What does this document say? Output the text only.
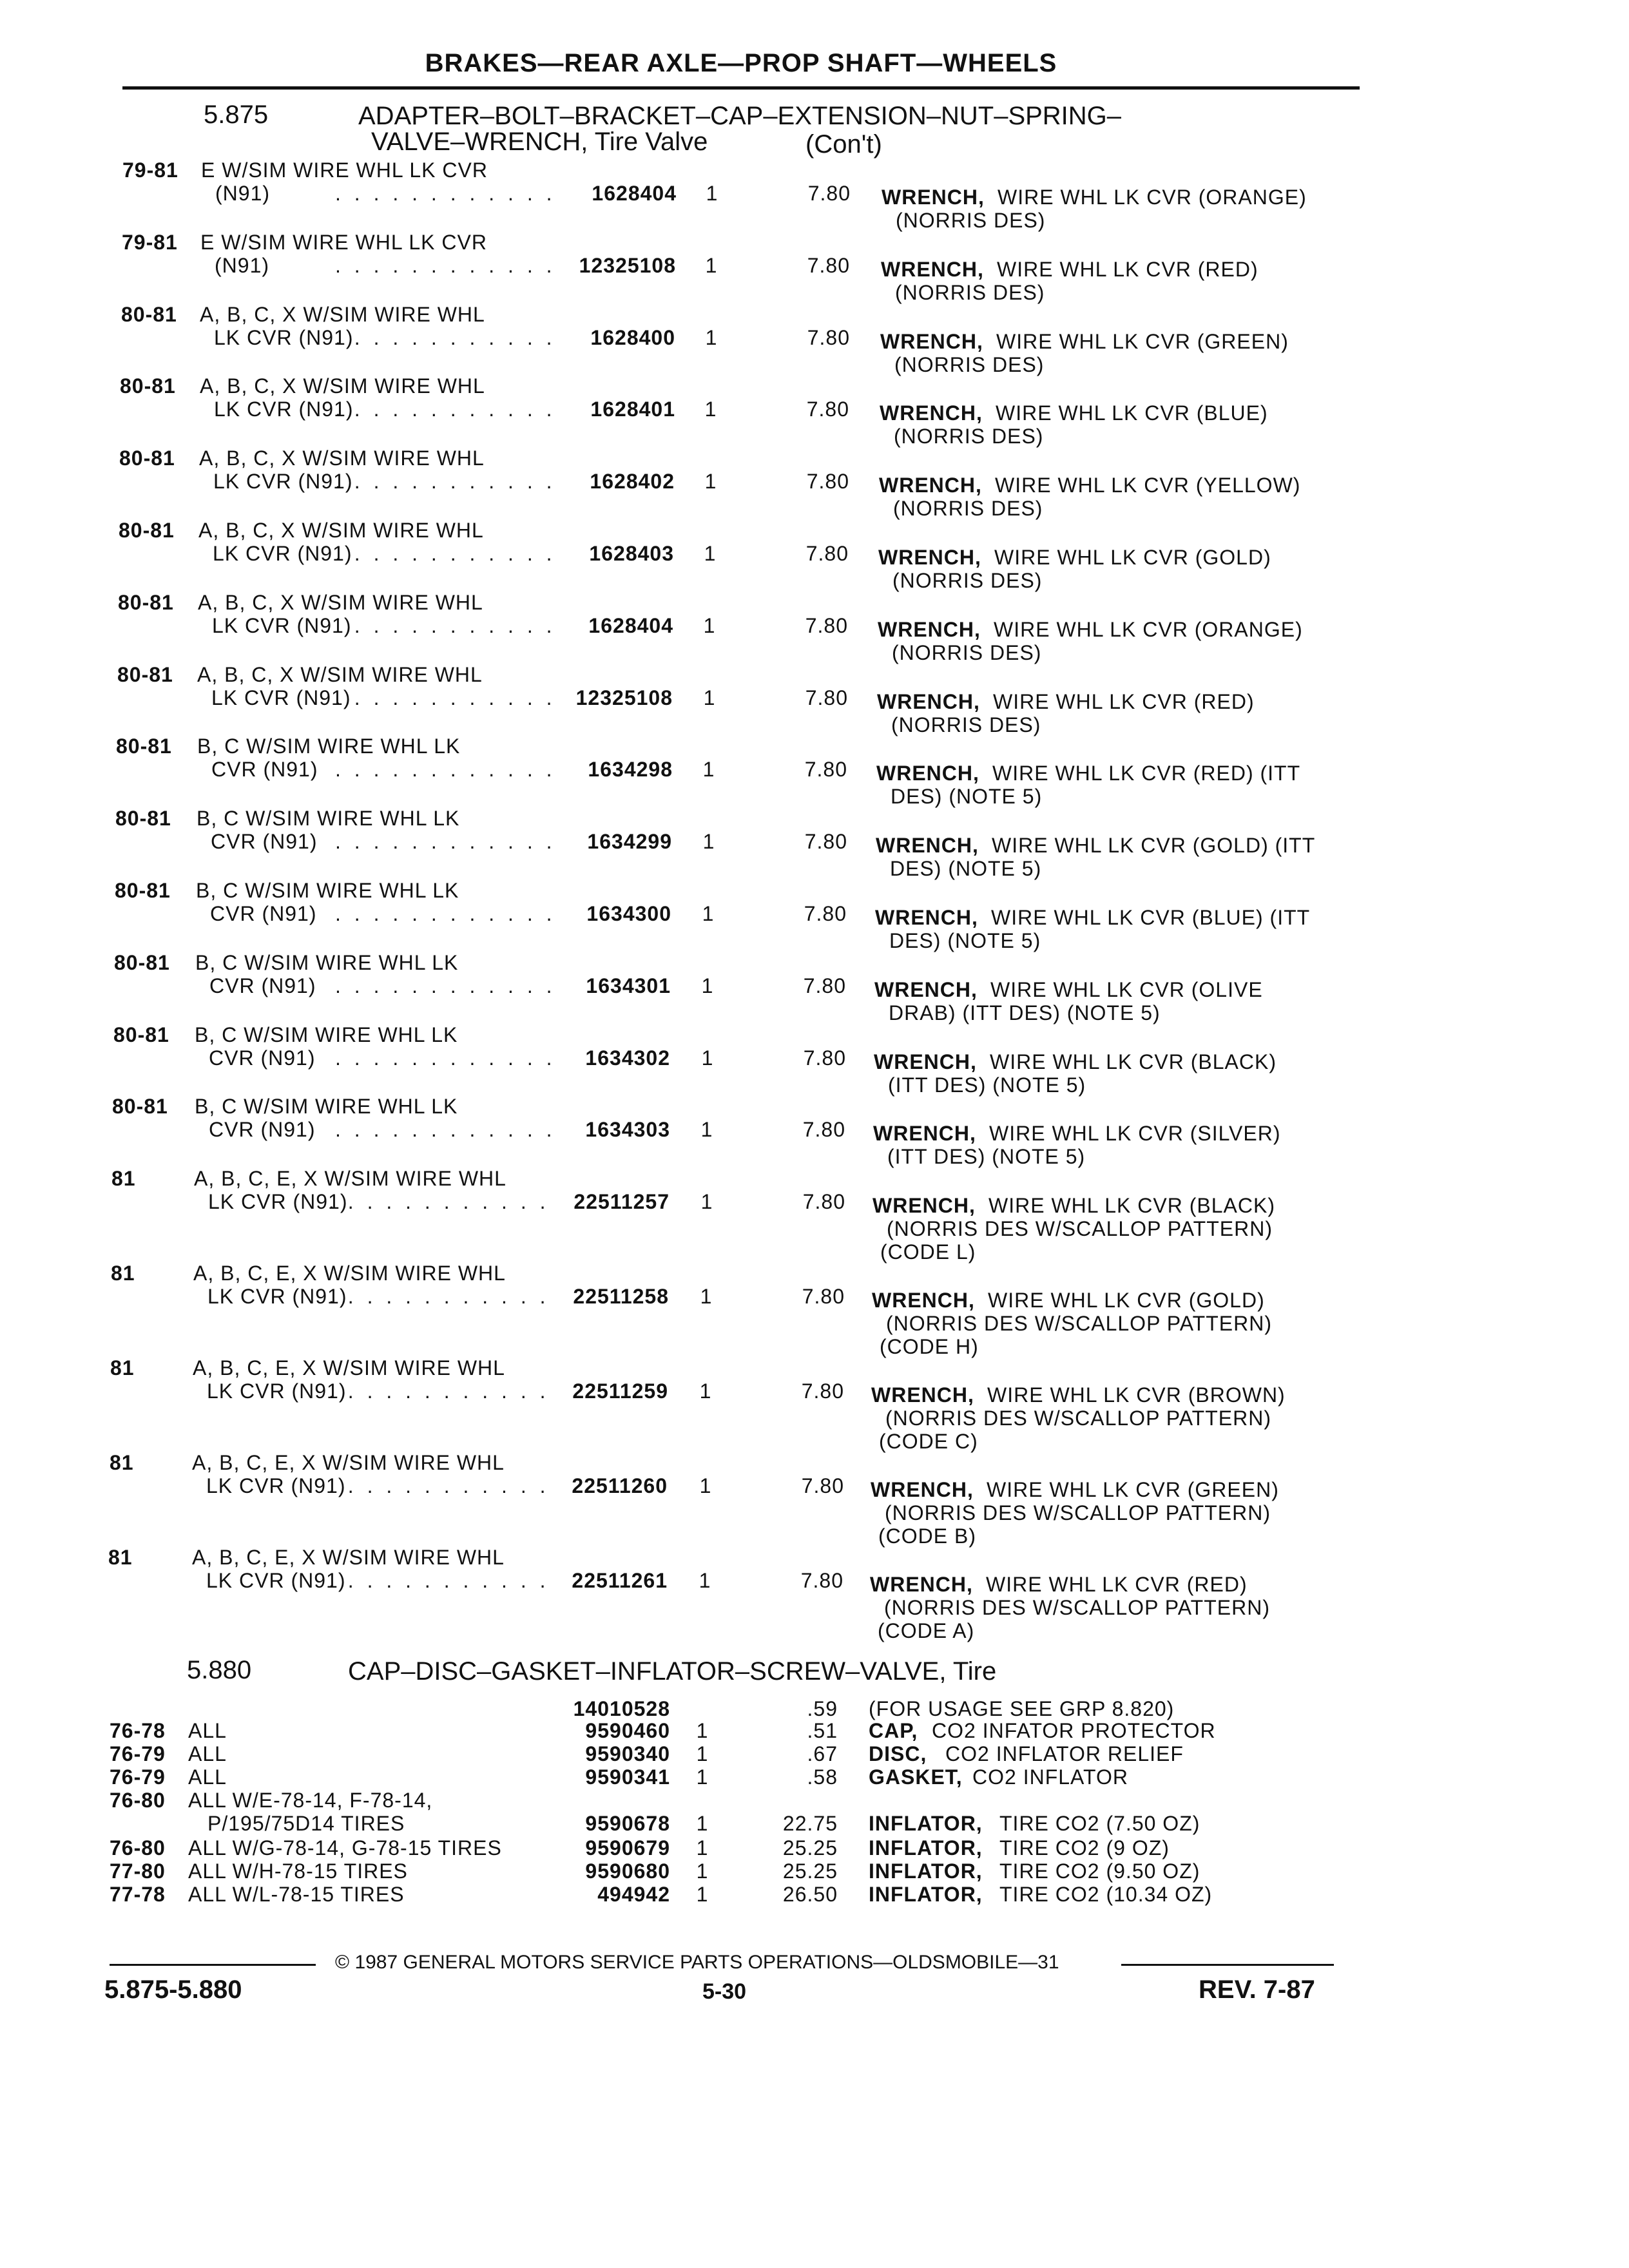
BRAKES—REAR AXLE—PROP SHAFT—WHEELS
5.875	ADAPTER–BOLT–BRACKET–CAP–EXTENSION–NUT–SPRING–
VALVE–WRENCH, Tire Valve	(Con't)
79-81 E W/SIM WIRE WHL LK CVR
(N91)	. . . . . . . . . . . .	1628404 1	7.80 WRENCH, WIRE WHL LK CVR (ORANGE)
(NORRIS DES)
79-81 E W/SIM WIRE WHL LK CVR
(N91)	. . . . . . . . . . . .	12325108 1	7.80 WRENCH, WIRE WHL LK CVR (RED)
(NORRIS DES)
80-81 A, B, C, X W/SIM WIRE WHL
LK CVR (N91)
. . . . . . . . . . . .	1628400 1	7.80 WRENCH, WIRE WHL LK CVR (GREEN)
(NORRIS DES)
80-81 A, B, C, X W/SIM WIRE WHL
LK CVR (N91)
. . . . . . . . . . . .	1628401 1	7.80 WRENCH, WIRE WHL LK CVR (BLUE)
(NORRIS DES)
80-81 A, B, C, X W/SIM WIRE WHL
LK CVR (N91)
. . . . . . . . . . . .	1628402 1	7.80 WRENCH, WIRE WHL LK CVR (YELLOW)
(NORRIS DES)
80-81 A, B, C, X W/SIM WIRE WHL
LK CVR (N91)
. . . . . . . . . . . .	1628403 1	7.80 WRENCH, WIRE WHL LK CVR (GOLD)
(NORRIS DES)
80-81 A, B, C, X W/SIM WIRE WHL
LK CVR (N91)
. . . . . . . . . . . .	1628404 1	7.80 WRENCH, WIRE WHL LK CVR (ORANGE)
(NORRIS DES)
80-81 A, B, C, X W/SIM WIRE WHL
LK CVR (N91)
. . . . . . . . . . . . 12325108 1	7.80 WRENCH, WIRE WHL LK CVR (RED)
(NORRIS DES)
80-81 B, C W/SIM WIRE WHL LK
CVR (N91) . . . . . . . . . . . .	1634298 1	7.80 WRENCH, WIRE WHL LK CVR (RED) (ITT
DES) (NOTE 5)
80-81 B, C W/SIM WIRE WHL LK
CVR (N91) . . . . . . . . . . . .	1634299 1	7.80 WRENCH, WIRE WHL LK CVR (GOLD) (ITT
DES) (NOTE 5)
80-81 B, C W/SIM WIRE WHL LK
CVR (N91) . . . . . . . . . . . .	1634300 1	7.80 WRENCH, WIRE WHL LK CVR (BLUE) (ITT
DES) (NOTE 5)
80-81 B, C W/SIM WIRE WHL LK
CVR (N91) . . . . . . . . . . . .	1634301 1	7.80 WRENCH, WIRE WHL LK CVR (OLIVE
DRAB) (ITT DES) (NOTE 5)
80-81 B, C W/SIM WIRE WHL LK
CVR (N91) . . . . . . . . . . . .	1634302 1	7.80 WRENCH, WIRE WHL LK CVR (BLACK)
(ITT DES) (NOTE 5)
80-81 B, C W/SIM WIRE WHL LK
CVR (N91) . . . . . . . . . . . .	1634303 1	7.80 WRENCH, WIRE WHL LK CVR (SILVER)
(ITT DES) (NOTE 5)
81	A, B, C, E, X W/SIM WIRE WHL
LK CVR (N91)
. . . . . . . . . . . .	22511257 1	7.80 WRENCH, WIRE WHL LK CVR (BLACK)
(NORRIS DES W/SCALLOP PATTERN)
(CODE L)
81	A, B, C, E, X W/SIM WIRE WHL
LK CVR (N91)
. . . . . . . . . . . .	22511258 1	7.80 WRENCH, WIRE WHL LK CVR (GOLD)
(NORRIS DES W/SCALLOP PATTERN)
(CODE H)
81	A, B, C, E, X W/SIM WIRE WHL
LK CVR (N91)
. . . . . . . . . . . .	22511259 1	7.80 WRENCH, WIRE WHL LK CVR (BROWN)
(NORRIS DES W/SCALLOP PATTERN)
(CODE C)
81	A, B, C, E, X W/SIM WIRE WHL
LK CVR (N91)
. . . . . . . . . . . .	22511260 1	7.80 WRENCH, WIRE WHL LK CVR (GREEN)
(NORRIS DES W/SCALLOP PATTERN)
(CODE B)
81	A, B, C, E, X W/SIM WIRE WHL
LK CVR (N91)
. . . . . . . . . . . .	22511261 1	7.80 WRENCH, WIRE WHL LK CVR (RED)
(NORRIS DES W/SCALLOP PATTERN)
(CODE A)
5.880	CAP–DISC–GASKET–INFLATOR–SCREW–VALVE, Tire
14010528	.59 (FOR USAGE SEE GRP 8.820)
76-78 ALL	9590460 1	.51 CAP, CO2 INFATOR PROTECTOR
76-79 ALL	9590340 1	.67 DISC, CO2 INFLATOR RELIEF
76-79 ALL	9590341 1	.58 GASKET, CO2 INFLATOR
76-80 ALL W/E-78-14, F-78-14,
P/195/75D14 TIRES	9590678 1	22.75 INFLATOR, TIRE CO2 (7.50 OZ)
76-80 ALL W/G-78-14, G-78-15 TIRES	9590679 1	25.25 INFLATOR, TIRE CO2 (9 OZ)
77-80 ALL W/H-78-15 TIRES	9590680 1	25.25 INFLATOR, TIRE CO2 (9.50 OZ)
77-78 ALL W/L-78-15 TIRES	494942 1	26.50 INFLATOR, TIRE CO2 (10.34 OZ)
© 1987 GENERAL MOTORS SERVICE PARTS OPERATIONS—OLDSMOBILE—31
5.875-5.880	5-30	REV. 7-87
